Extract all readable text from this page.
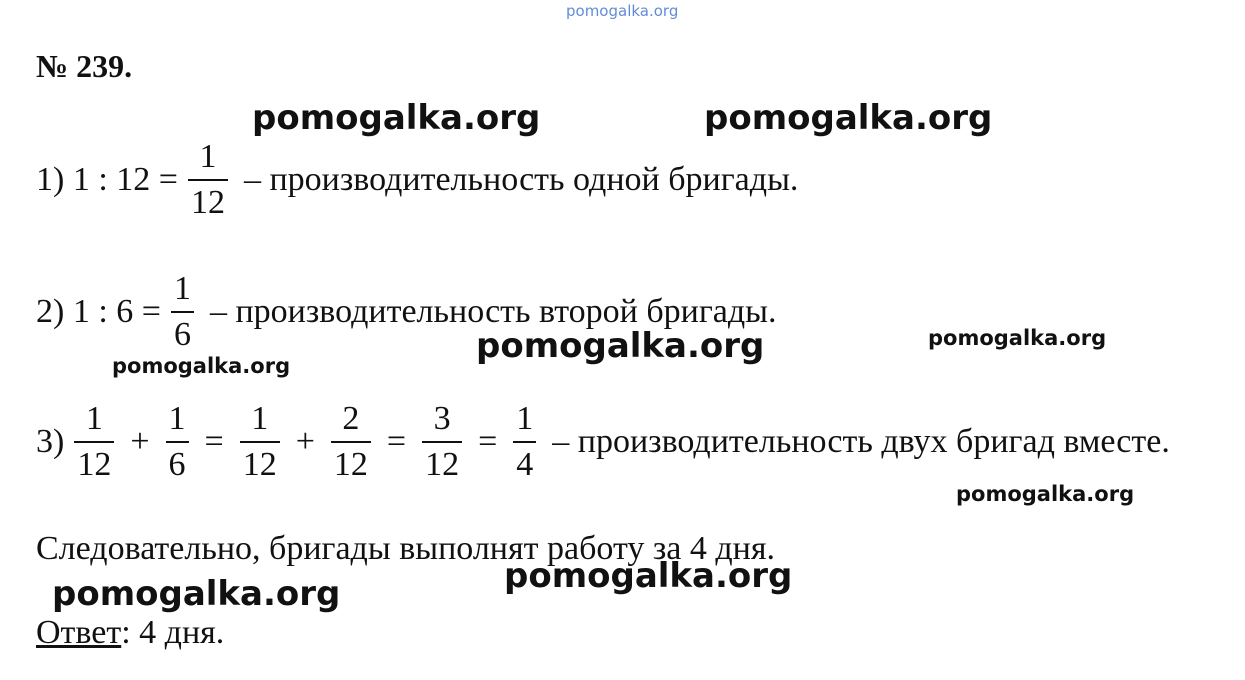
pomogalka.org
pomogalka.org	pomogalka.org
pomogalka.org	pomogalka.org
pomogalka.org
pomogalka.org
pomogalka.org
pomogalka.org
№ 239.
1) 1 : $12 = \frac{1}{12}$ – производительность одной бригады.
2) 1 : $6 = \frac{1}{6}$ – производительность второй бригады.
$3) \frac{1}{12} + \frac{1}{6} = \frac{1}{12} + \frac{2}{12} = \frac{3}{12} = \frac{1}{4}$ – производительность двух бригад вместе.
Следовательно, бригады выполнят работу за 4 дня.
Ответ: 4 дня.
